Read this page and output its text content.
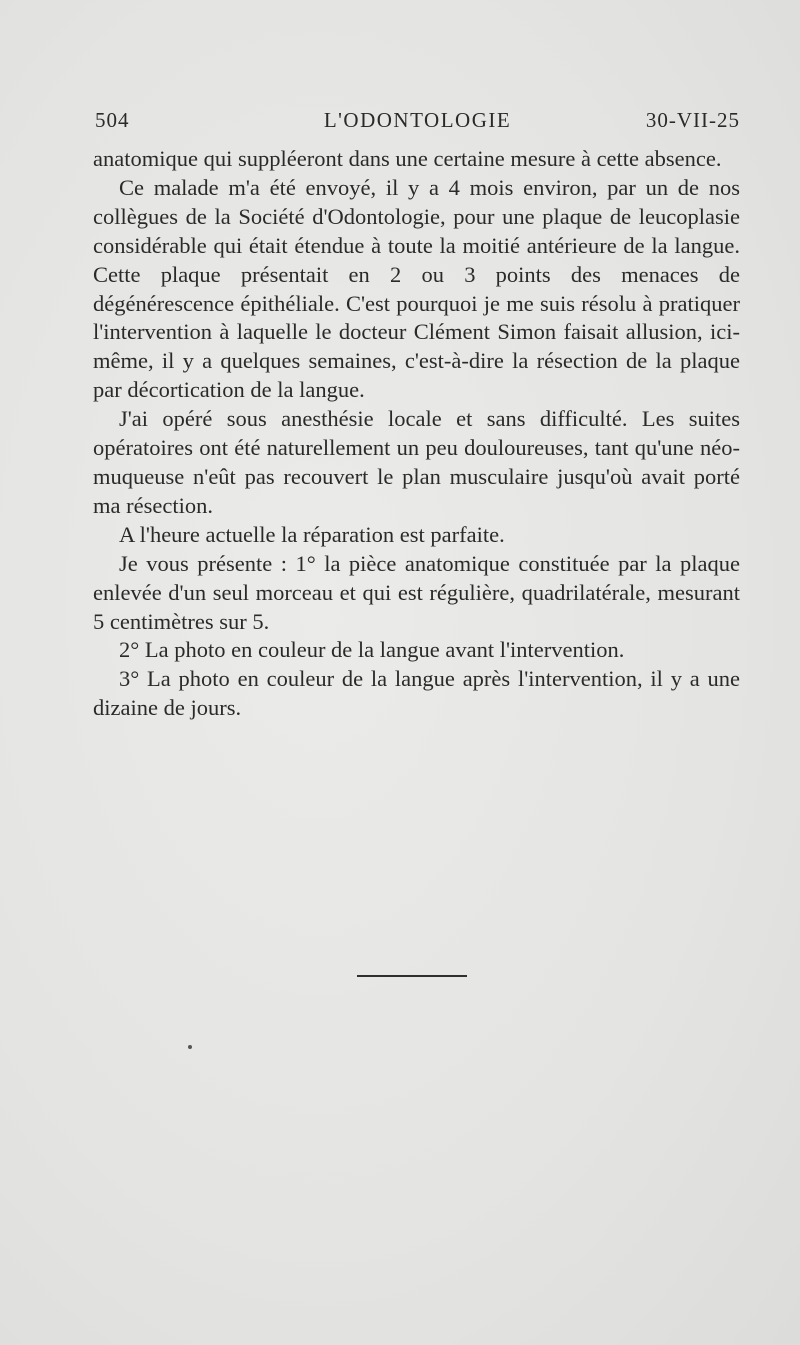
504	L'ODONTOLOGIE	30-VII-25

anatomique qui suppléeront dans une certaine mesure à cette absence.

Ce malade m'a été envoyé, il y a 4 mois environ, par un de nos collègues de la Société d'Odontologie, pour une plaque de leucoplasie considérable qui était étendue à toute la moitié antérieure de la langue. Cette plaque présentait en 2 ou 3 points des menaces de dégénérescence épithéliale. C'est pourquoi je me suis résolu à pratiquer l'intervention à laquelle le docteur Clément Simon faisait allusion, ici-même, il y a quelques semaines, c'est-à-dire la résection de la plaque par décortication de la langue.

J'ai opéré sous anesthésie locale et sans difficulté. Les suites opératoires ont été naturellement un peu douloureuses, tant qu'une néo-muqueuse n'eût pas recouvert le plan musculaire jusqu'où avait porté ma résection.

A l'heure actuelle la réparation est parfaite.

Je vous présente : 1° la pièce anatomique constituée par la plaque enlevée d'un seul morceau et qui est régulière, quadrilatérale, mesurant 5 centimètres sur 5.

2° La photo en couleur de la langue avant l'intervention.

3° La photo en couleur de la langue après l'intervention, il y a une dizaine de jours.
